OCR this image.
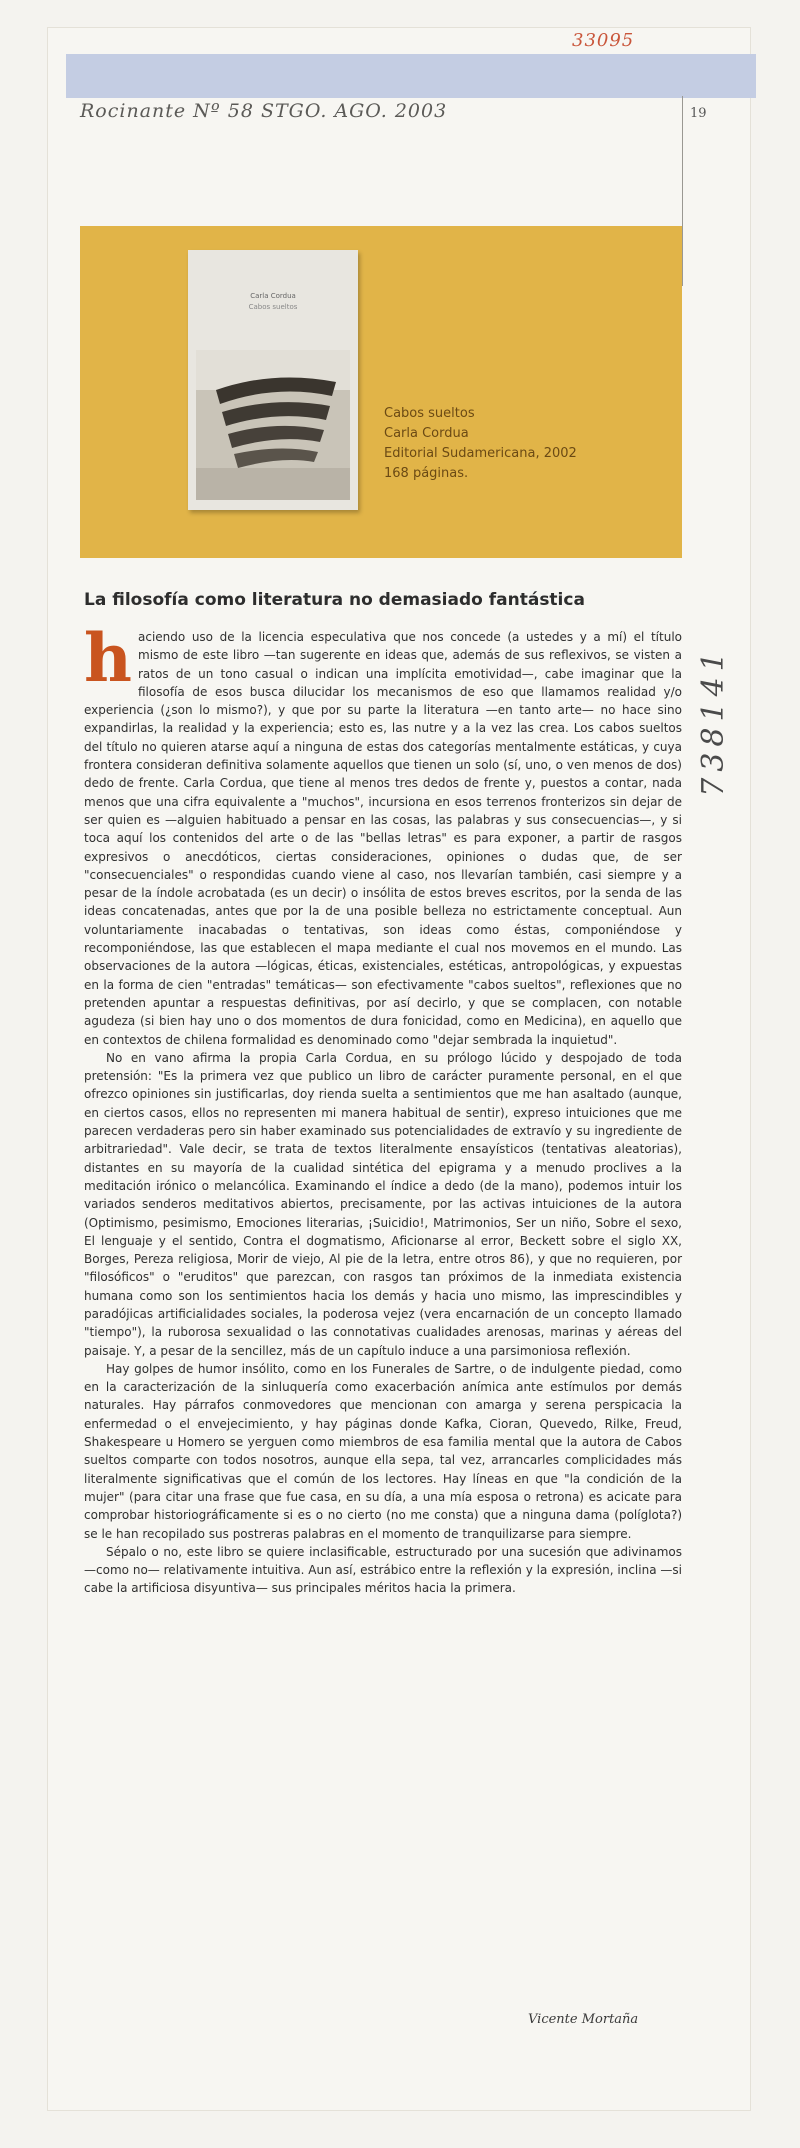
33095
Rocinante Nº 58 STGO. AGO. 2003	19
Carla Cordua
Cabos sueltos
Cabos sueltos
Carla Cordua
Editorial Sudamericana, 2002
168 páginas.
La filosofía como literatura no demasiado fantástica

haciendo uso de la licencia especulativa que nos concede (a ustedes y a mí) el título mismo de este libro —tan sugerente en ideas que, además de sus reflexivos, se visten a ratos de un tono casual o indican una implícita emotividad—, cabe imaginar que la filosofía de esos busca dilucidar los mecanismos de eso que llamamos realidad y/o experiencia (¿son lo mismo?), y que por su parte la literatura —en tanto arte— no hace sino expandirlas, la realidad y la experiencia; esto es, las nutre y a la vez las crea. Los cabos sueltos del título no quieren atarse aquí a ninguna de estas dos categorías mentalmente estáticas, y cuya frontera consideran definitiva solamente aquellos que tienen un solo (sí, uno, o ven menos de dos) dedo de frente. Carla Cordua, que tiene al menos tres dedos de frente y, puestos a contar, nada menos que una cifra equivalente a "muchos", incursiona en esos terrenos fronterizos sin dejar de ser quien es —alguien habituado a pensar en las cosas, las palabras y sus consecuencias—, y si toca aquí los contenidos del arte o de las "bellas letras" es para exponer, a partir de rasgos expresivos o anecdóticos, ciertas consideraciones, opiniones o dudas que, de ser "consecuenciales" o respondidas cuando viene al caso, nos llevarían también, casi siempre y a pesar de la índole acrobatada (es un decir) o insólita de estos breves escritos, por la senda de las ideas concatenadas, antes que por la de una posible belleza no estrictamente conceptual. Aun voluntariamente inacabadas o tentativas, son ideas como éstas, componiéndose y recomponiéndose, las que establecen el mapa mediante el cual nos movemos en el mundo. Las observaciones de la autora —lógicas, éticas, existenciales, estéticas, antropológicas, y expuestas en la forma de cien "entradas" temáticas— son efectivamente "cabos sueltos", reflexiones que no pretenden apuntar a respuestas definitivas, por así decirlo, y que se complacen, con notable agudeza (si bien hay uno o dos momentos de dura fonicidad, como en Medicina), en aquello que en contextos de chilena formalidad es denominado como "dejar sembrada la inquietud".

No en vano afirma la propia Carla Cordua, en su prólogo lúcido y despojado de toda pretensión: "Es la primera vez que publico un libro de carácter puramente personal, en el que ofrezco opiniones sin justificarlas, doy rienda suelta a sentimientos que me han asaltado (aunque, en ciertos casos, ellos no representen mi manera habitual de sentir), expreso intuiciones que me parecen verdaderas pero sin haber examinado sus potencialidades de extravío y su ingrediente de arbitrariedad". Vale decir, se trata de textos literalmente ensayísticos (tentativas aleatorias), distantes en su mayoría de la cualidad sintética del epigrama y a menudo proclives a la meditación irónico o melancólica. Examinando el índice a dedo (de la mano), podemos intuir los variados senderos meditativos abiertos, precisamente, por las activas intuiciones de la autora (Optimismo, pesimismo, Emociones literarias, ¡Suicidio!, Matrimonios, Ser un niño, Sobre el sexo, El lenguaje y el sentido, Contra el dogmatismo, Aficionarse al error, Beckett sobre el siglo XX, Borges, Pereza religiosa, Morir de viejo, Al pie de la letra, entre otros 86), y que no requieren, por "filosóficos" o "eruditos" que parezcan, con rasgos tan próximos de la inmediata existencia humana como son los sentimientos hacia los demás y hacia uno mismo, las imprescindibles y paradójicas artificialidades sociales, la poderosa vejez (vera encarnación de un concepto llamado "tiempo"), la ruborosa sexualidad o las connotativas cualidades arenosas, marinas y aéreas del paisaje. Y, a pesar de la sencillez, más de un capítulo induce a una parsimoniosa reflexión.

Hay golpes de humor insólito, como en los Funerales de Sartre, o de indulgente piedad, como en la caracterización de la sinluquería como exacerbación anímica ante estímulos por demás naturales. Hay párrafos conmovedores que mencionan con amarga y serena perspicacia la enfermedad o el envejecimiento, y hay páginas donde Kafka, Cioran, Quevedo, Rilke, Freud, Shakespeare u Homero se yerguen como miembros de esa familia mental que la autora de Cabos sueltos comparte con todos nosotros, aunque ella sepa, tal vez, arrancarles complicidades más literalmente significativas que el común de los lectores. Hay líneas en que "la condición de la mujer" (para citar una frase que fue casa, en su día, a una mía esposa o retrona) es acicate para comprobar historiográficamente si es o no cierto (no me consta) que a ninguna dama (políglota?) se le han recopilado sus postreras palabras en el momento de tranquilizarse para siempre.

Sépalo o no, este libro se quiere inclasificable, estructurado por una sucesión que adivinamos —como no— relativamente intuitiva. Aun así, estrábico entre la reflexión y la expresión, inclina —si cabe la artificiosa disyuntiva— sus principales méritos hacia la primera.

Vicente Mortaña
738141
